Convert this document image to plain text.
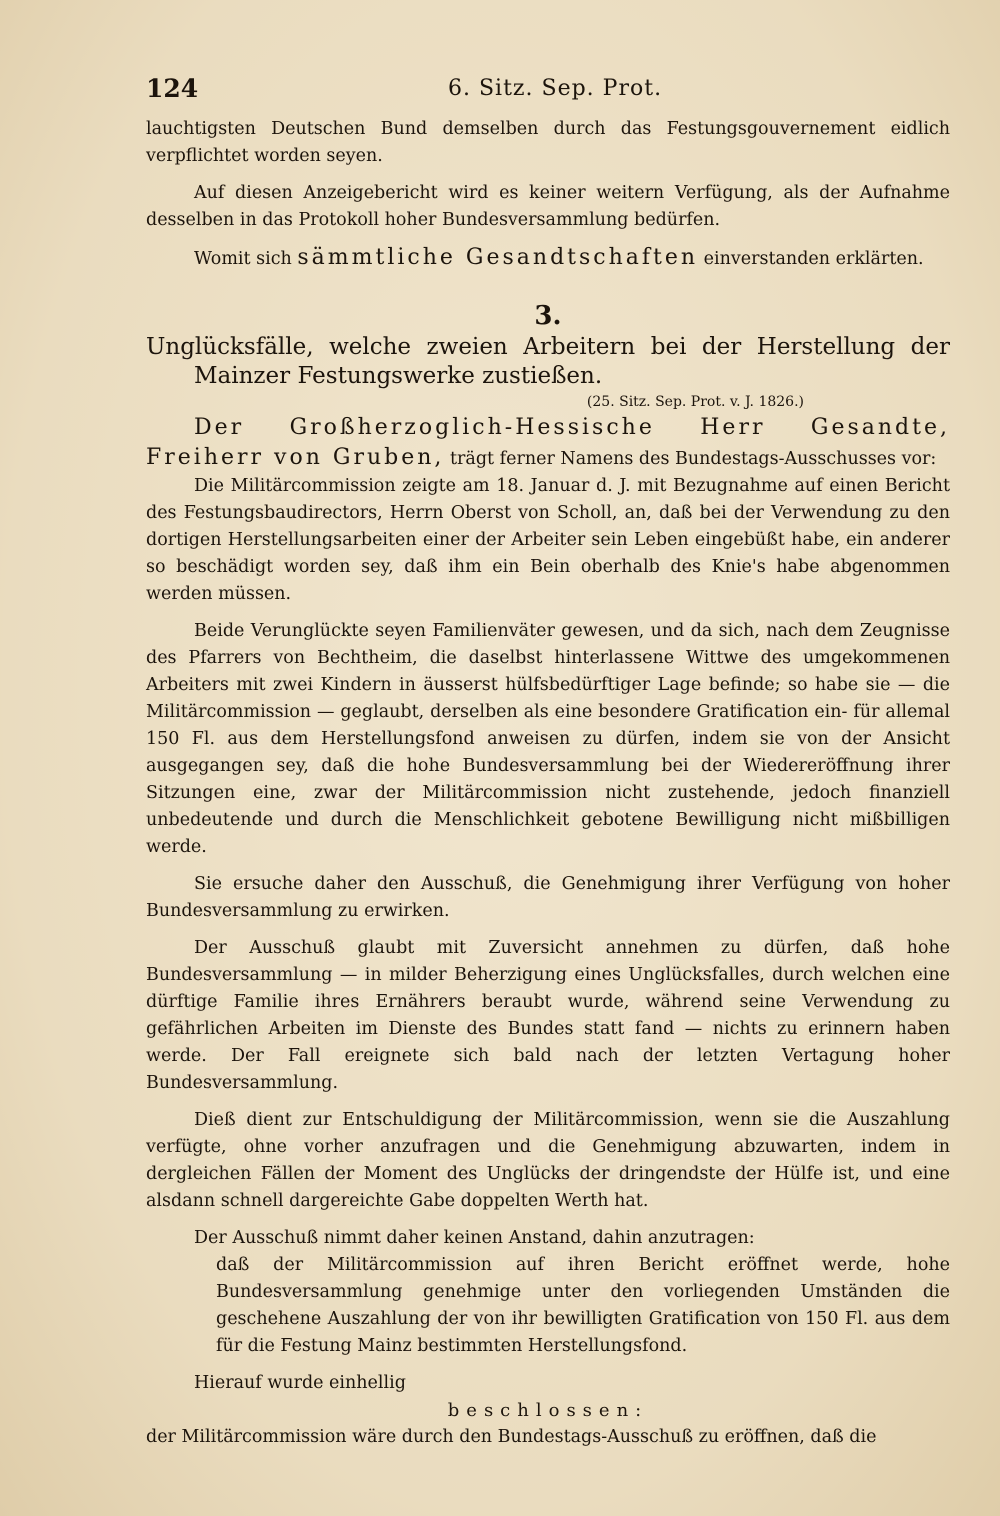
124	6. Sitz. Sep. Prot.

lauchtigsten Deutschen Bund demselben durch das Festungsgouvernement eidlich verpflichtet worden seyen.

Auf diesen Anzeigebericht wird es keiner weitern Verfügung, als der Aufnahme desselben in das Protokoll hoher Bundesversammlung bedürfen.

Womit sich sämmtliche Gesandtschaften einverstanden erklärten.

3.

Unglücksfälle, welche zweien Arbeitern bei der Herstellung der Mainzer Festungswerke zustießen.

(25. Sitz. Sep. Prot. v. J. 1826.)

Der Großherzoglich-Hessische Herr Gesandte, Freiherr von Gruben, trägt ferner Namens des Bundestags-Ausschusses vor:

Die Militärcommission zeigte am 18. Januar d. J. mit Bezugnahme auf einen Bericht des Festungsbaudirectors, Herrn Oberst von Scholl, an, daß bei der Verwendung zu den dortigen Herstellungsarbeiten einer der Arbeiter sein Leben eingebüßt habe, ein anderer so beschädigt worden sey, daß ihm ein Bein oberhalb des Knie's habe abgenommen werden müssen.

Beide Verunglückte seyen Familienväter gewesen, und da sich, nach dem Zeugnisse des Pfarrers von Bechtheim, die daselbst hinterlassene Wittwe des umgekommenen Arbeiters mit zwei Kindern in äusserst hülfsbedürftiger Lage befinde; so habe sie — die Militärcommission — geglaubt, derselben als eine besondere Gratification ein- für allemal 150 Fl. aus dem Herstellungsfond anweisen zu dürfen, indem sie von der Ansicht ausgegangen sey, daß die hohe Bundesversammlung bei der Wiedereröffnung ihrer Sitzungen eine, zwar der Militärcommission nicht zustehende, jedoch finanziell unbedeutende und durch die Menschlichkeit gebotene Bewilligung nicht mißbilligen werde.

Sie ersuche daher den Ausschuß, die Genehmigung ihrer Verfügung von hoher Bundesversammlung zu erwirken.

Der Ausschuß glaubt mit Zuversicht annehmen zu dürfen, daß hohe Bundesversammlung — in milder Beherzigung eines Unglücksfalles, durch welchen eine dürftige Familie ihres Ernährers beraubt wurde, während seine Verwendung zu gefährlichen Arbeiten im Dienste des Bundes statt fand — nichts zu erinnern haben werde. Der Fall ereignete sich bald nach der letzten Vertagung hoher Bundesversammlung.

Dieß dient zur Entschuldigung der Militärcommission, wenn sie die Auszahlung verfügte, ohne vorher anzufragen und die Genehmigung abzuwarten, indem in dergleichen Fällen der Moment des Unglücks der dringendste der Hülfe ist, und eine alsdann schnell dargereichte Gabe doppelten Werth hat.

Der Ausschuß nimmt daher keinen Anstand, dahin anzutragen:

daß der Militärcommission auf ihren Bericht eröffnet werde, hohe Bundesversammlung genehmige unter den vorliegenden Umständen die geschehene Auszahlung der von ihr bewilligten Gratification von 150 Fl. aus dem für die Festung Mainz bestimmten Herstellungsfond.

Hierauf wurde einhellig

beschlossen:

der Militärcommission wäre durch den Bundestags-Ausschuß zu eröffnen, daß die
